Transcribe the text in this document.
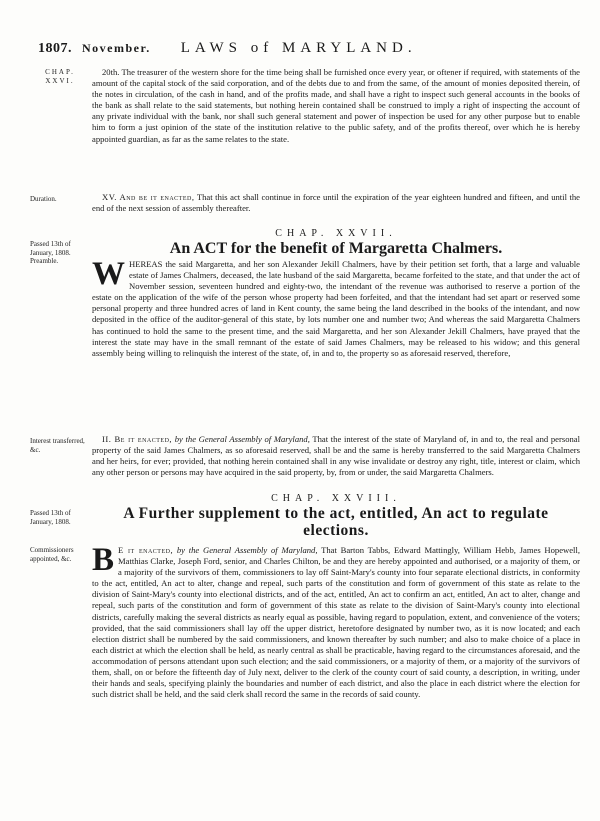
1807. November. LAWS of MARYLAND.
CHAP.
XXVI.
20th. The treasurer of the western shore for the time being shall be furnished once every year, or oftener if required, with statements of the amount of the capital stock of the said corporation, and of the debts due to and from the same, of the amount of monies deposited therein, of the notes in circulation, of the cash in hand, and of the profits made, and shall have a right to inspect such general accounts in the books of the bank as shall relate to the said statements, but nothing herein contained shall be construed to imply a right of inspecting the account of any private individual with the bank, nor shall such general statement and power of inspection be used for any other purpose but to enable him to form a just opinion of the state of the institution relative to the public safety, and of the profits thereof, over which he is hereby appointed guardian, as far as the same relates to the state.
Duration.	XV. And be it enacted, That this act shall continue in force until the expiration of the year eighteen hundred and fifteen, and until the end of the next session of assembly thereafter.
CHAP. XXVII.
Passed 13th of January, 1808.
Preamble.
An ACT for the benefit of Margaretta Chalmers.
WHEREAS the said Margaretta, and her son Alexander Jekill Chalmers, have by their petition set forth, that a large and valuable estate of James Chalmers, deceased, the late husband of the said Margaretta, became forfeited to the state, and that under the act of November session, seventeen hundred and eighty-two, the intendant of the revenue was authorised to reserve a portion of the estate on the application of the wife of the person whose property had been forfeited, and that the intendant had set apart or reserved some personal property and three hundred acres of land in Kent county, the same being the land described in the books of the intendant, and now deposited in the office of the auditor-general of this state, by lots number one and number two; And whereas the said Margaretta Chalmers has continued to hold the same to the present time, and the said Margaretta, and her son Alexander Jekill Chalmers, have prayed that the interest the state may have in the small remnant of the estate of said James Chalmers, may be released to his widow; and this general assembly being willing to relinquish the interest of the state, of, in and to, the property so as aforesaid reserved, therefore,
Interest transferred, &c.
II. Be it enacted, by the General Assembly of Maryland, That the interest of the state of Maryland of, in and to, the real and personal property of the said James Chalmers, as so aforesaid reserved, shall be and the same is hereby transferred to the said Margaretta Chalmers and her heirs, for ever; provided, that nothing herein contained shall in any wise invalidate or destroy any right, title, interest or claim, which any other person or persons may have acquired in the said property, by, from or under, the said Margaretta Chalmers.
CHAP. XXVIII.
Passed 13th of January, 1808.	A Further supplement to the act, entitled, An act to regulate elections.
Commissioners appointed, &c. B E it enacted, by the General Assembly of Maryland, That Barton Tabbs, Edward Mattingly, William Hebb, James Hopewell, Matthias Clarke, Joseph Ford, senior, and Charles Chilton, be and they are hereby appointed and authorised, or a majority of them, or a majority of the survivors of them, commissioners to lay off Saint-Mary's county into four separate electional districts, in conformity to the act, entitled, An act to alter, change and repeal, such parts of the constitution and form of government of this state as relate to the division of Saint-Mary's county into electional districts, and of the act, entitled, An act to confirm an act, entitled, An act to alter, change and repeal, such parts of the constitution and form of government of this state as relate to the division of Saint-Mary's county into electional districts, carefully making the several districts as nearly equal as possible, having regard to population, extent, and convenience of the voters; provided, that the said commissioners shall lay off the upper district, heretofore designated by number two, as it is now located; and each election district shall be numbered by the said commissioners, and known thereafter by such number; and also to make choice of a place in each district at which the election shall be held, as nearly central as shall be practicable, having regard to the circumstances aforesaid, and the accommodation of persons attendant upon such election; and the said commissioners, or a majority of them, or a majority of the survivors of them, shall, on or before the fifteenth day of July next, deliver to the clerk of the county court of said county, a description, in writing, under their hands and seals, specifying plainly the boundaries and number of each district, and also the place in each district where the election for such district shall be held, and the said clerk shall record the same in the records of said county.
